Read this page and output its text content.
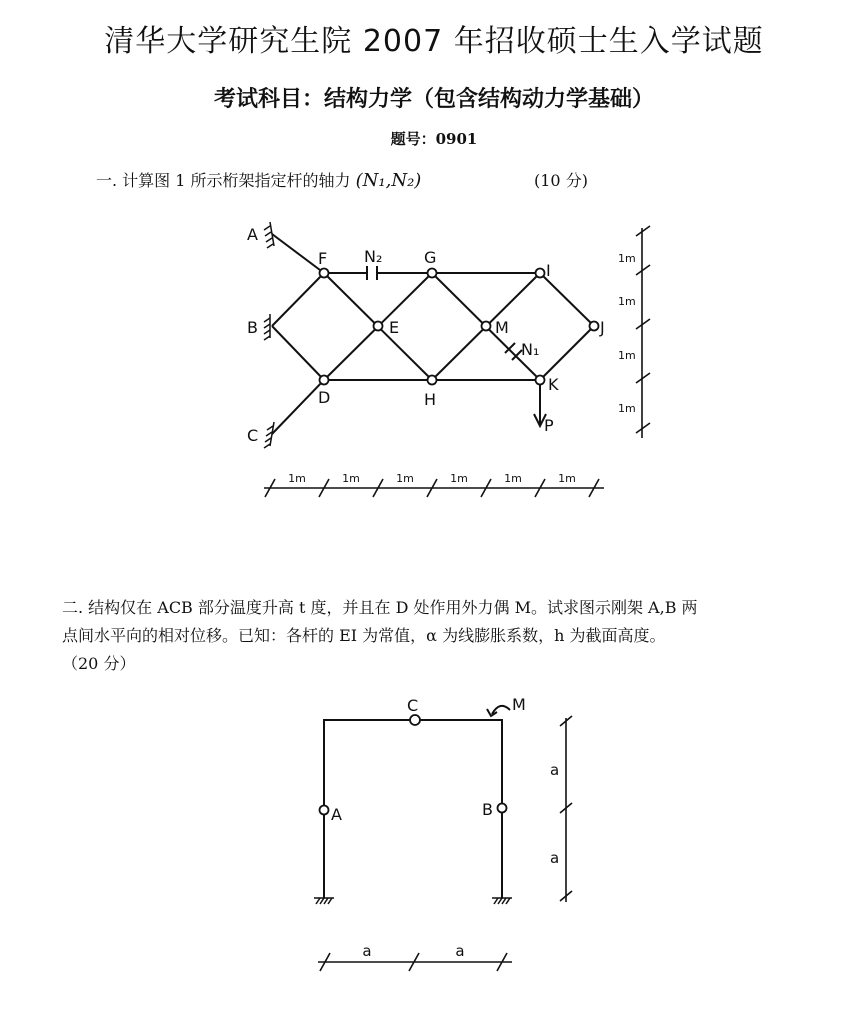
清华大学研究生院 2007 年招收硕士生入学试题
考试科目：结构力学（包含结构动力学基础）
题号：0901
一. 计算图 1 所示桁架指定杆的轴力 (N₁,N₂)	(10 分)
A
B
C
F	G
I
E	M	J
D	H
K
N₂
N₁
P
1m	1m	1m	1m	1m	1m
1m
1m
1m
1m
二. 结构仅在 ACB 部分温度升高 t 度，并且在 D 处作用外力偶 M。试求图示刚架 A,B 两
点间水平向的相对位移。已知：各杆的 EI 为常值，α 为线膨胀系数，h 为截面高度。
（20 分）
C
A	B
M
a
a
a	a
